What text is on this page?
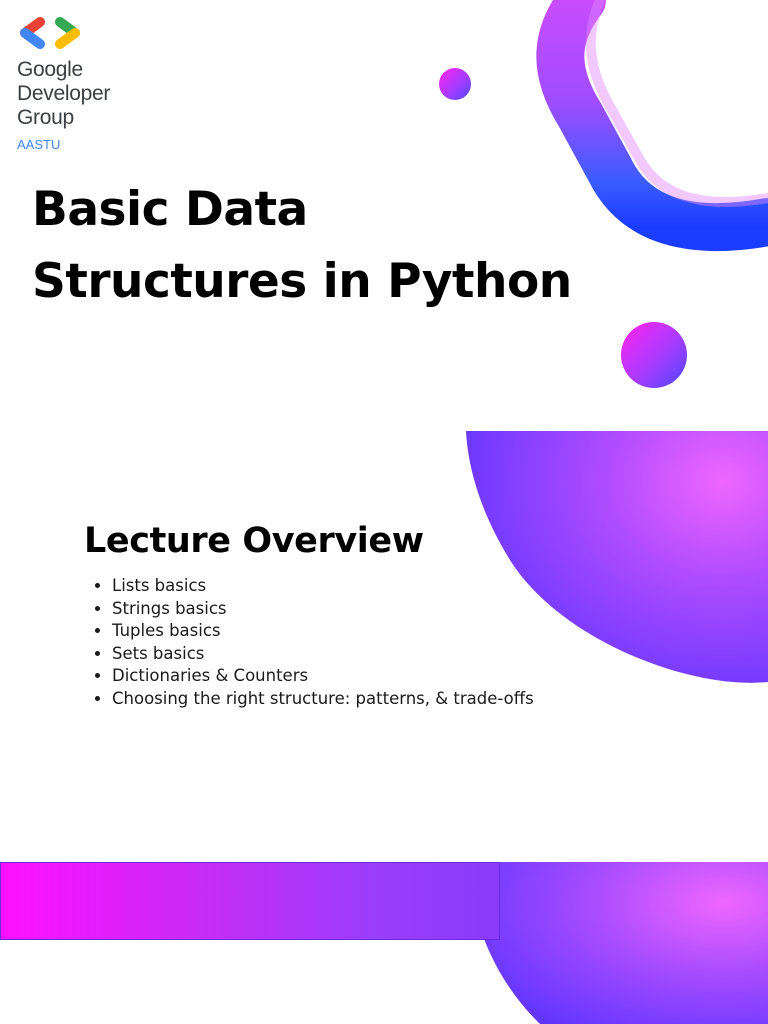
Google
Developer
Group
AASTU
Basic Data
Structures in Python
Lecture Overview
• Lists basics
• Strings basics
• Tuples basics
• Sets basics
• Dictionaries & Counters
• Choosing the right structure: patterns, & trade-offs
